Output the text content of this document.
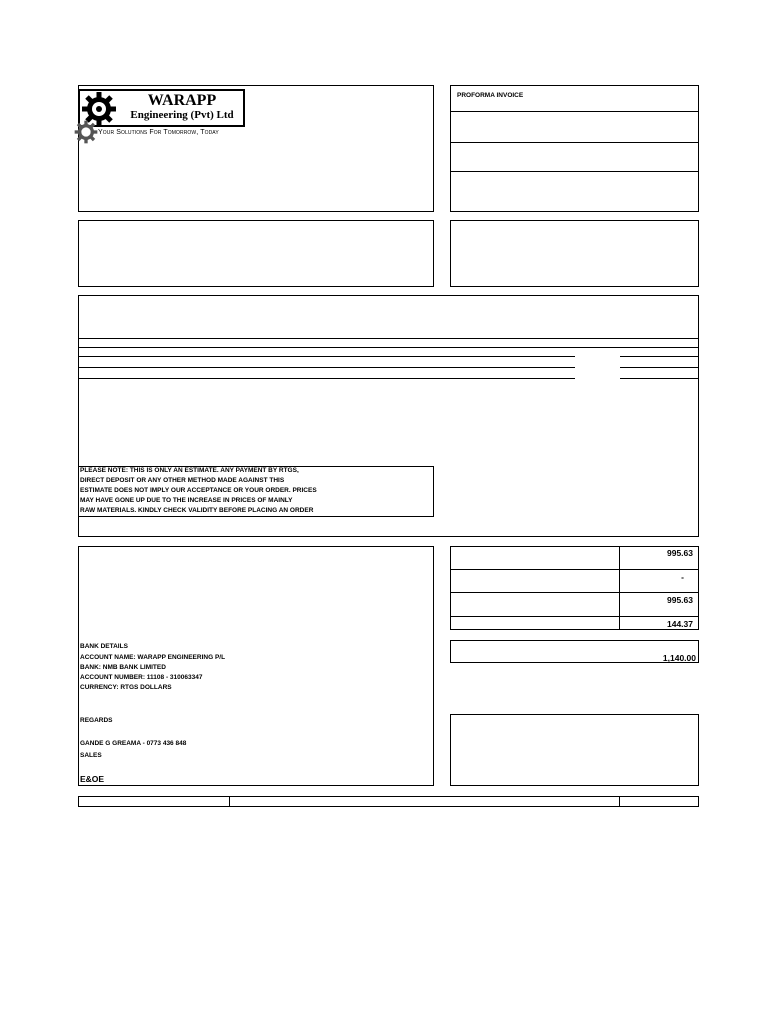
WARAPP
Engineering (Pvt) Ltd
Your Solutions For Tomorrow, Today
PROFORMA INVOICE
PLEASE NOTE: THIS IS ONLY AN ESTIMATE. ANY PAYMENT BY RTGS,
DIRECT DEPOSIT OR ANY OTHER METHOD MADE AGAINST THIS
ESTIMATE DOES NOT IMPLY OUR ACCEPTANCE OR YOUR ORDER. PRICES
MAY HAVE GONE UP DUE TO THE INCREASE IN PRICES OF MAINLY
RAW MATERIALS. KINDLY CHECK VALIDITY BEFORE PLACING AN ORDER
BANK DETAILS
ACCOUNT NAME: WARAPP ENGINEERING P/L
BANK: NMB BANK LIMITED
ACCOUNT NUMBER: 11108 - 310063347
CURRENCY: RTGS DOLLARS
REGARDS
GANDE G GREAMA - 0773 436 848
SALES
E&OE
995.63
-
995.63
144.37
1,140.00
